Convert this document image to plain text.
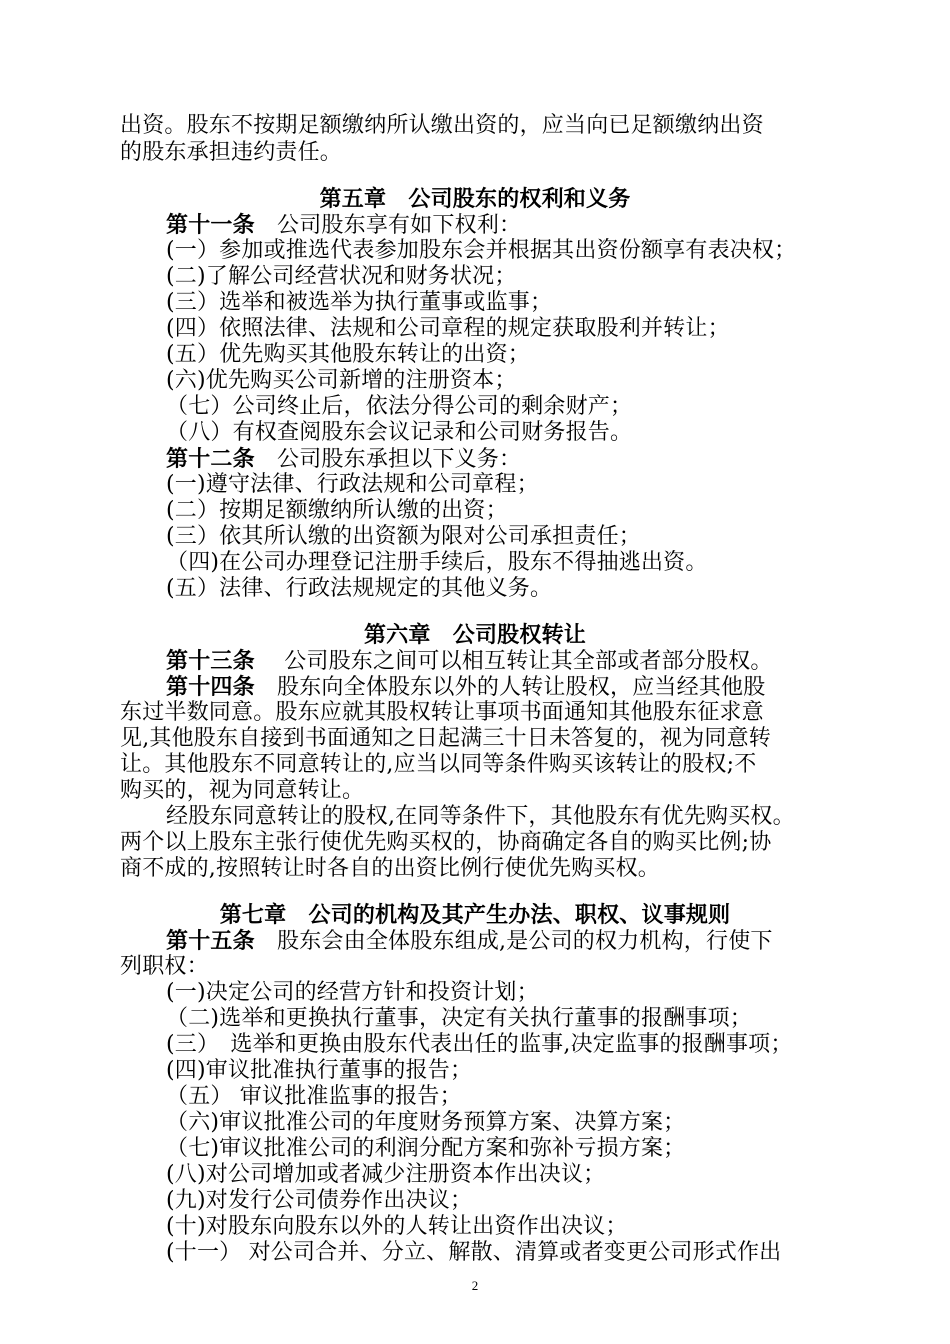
出资。股东不按期足额缴纳所认缴出资的，应当向已足额缴纳出资
的股东承担违约责任。
第五章　公司股东的权利和义务
第十一条　公司股东享有如下权利：
(一）参加或推选代表参加股东会并根据其出资份额享有表决权；
(二)了解公司经营状况和财务状况；
(三）选举和被选举为执行董事或监事；
(四）依照法律、法规和公司章程的规定获取股利并转让；
(五）优先购买其他股东转让的出资；
(六)优先购买公司新增的注册资本；
（七）公司终止后，依法分得公司的剩余财产；
（八）有权查阅股东会议记录和公司财务报告。
第十二条　公司股东承担以下义务：
(一)遵守法律、行政法规和公司章程；
(二）按期足额缴纳所认缴的出资；
(三）依其所认缴的出资额为限对公司承担责任；
（四)在公司办理登记注册手续后，股东不得抽逃出资。
(五）法律、行政法规规定的其他义务。
第六章　公司股权转让
第十三条　 公司股东之间可以相互转让其全部或者部分股权。
第十四条　股东向全体股东以外的人转让股权，应当经其他股
东过半数同意。股东应就其股权转让事项书面通知其他股东征求意
见,其他股东自接到书面通知之日起满三十日未答复的，视为同意转
让。其他股东不同意转让的,应当以同等条件购买该转让的股权;不
购买的，视为同意转让。
经股东同意转让的股权,在同等条件下，其他股东有优先购买权。
两个以上股东主张行使优先购买权的，协商确定各自的购买比例;协
商不成的,按照转让时各自的出资比例行使优先购买权。
第七章　公司的机构及其产生办法、职权、议事规则
第十五条　股东会由全体股东组成,是公司的权力机构，行使下
列职权：
(一)决定公司的经营方针和投资计划；
（二)选举和更换执行董事，决定有关执行董事的报酬事项；
(三）　选举和更换由股东代表出任的监事,决定监事的报酬事项；
(四)审议批准执行董事的报告；
（五） 审议批准监事的报告；
（六)审议批准公司的年度财务预算方案、决算方案；
（七)审议批准公司的利润分配方案和弥补亏损方案；
(八)对公司增加或者减少注册资本作出决议；
(九)对发行公司债券作出决议；
(十)对股东向股东以外的人转让出资作出决议；
(十一） 对公司合并、分立、解散、清算或者变更公司形式作出
2
